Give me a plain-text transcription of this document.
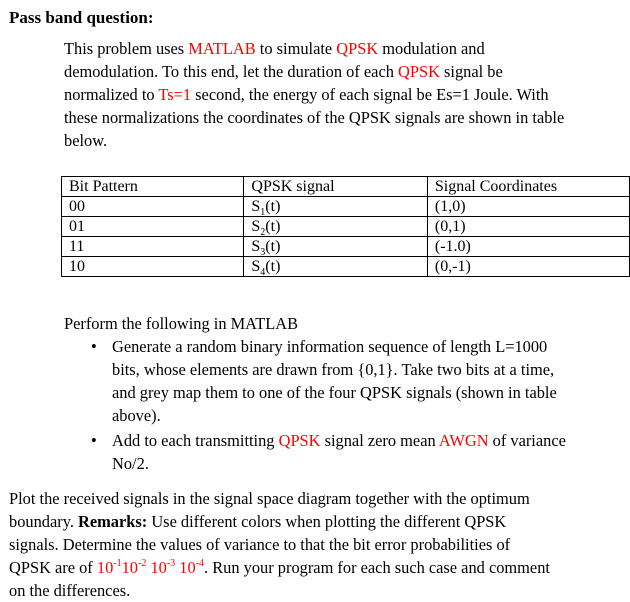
Pass band question:
This problem uses MATLAB to simulate QPSK modulation and
demodulation. To this end, let the duration of each QPSK signal be
normalized to Ts=1 second, the energy of each signal be Es=1 Joule. With
these normalizations the coordinates of the QPSK signals are shown in table
below.
Bit Pattern	QPSK signal	Signal Coordinates
00	$S_1(t)$	(1,0)
01	$S_2(t)$	(0,1)
11	$S_3(t)$	(-1.0)
10	$S_4(t)$	(0,-1)
Perform the following in MATLAB
• Generate a random binary information sequence of length L=1000
bits, whose elements are drawn from {0,1}. Take two bits at a time,
and grey map them to one of the four QPSK signals (shown in table
above).
• Add to each transmitting QPSK signal zero mean AWGN of variance
No/2.
Plot the received signals in the signal space diagram together with the optimum
boundary. Remarks: Use different colors when plotting the different QPSK
signals. Determine the values of variance to that the bit error probabilities of
QPSK are of $10^{-1}10^{-2}$ $10^{-3}$ $10^{-4}$. Run your program for each such case and comment
on the differences.
